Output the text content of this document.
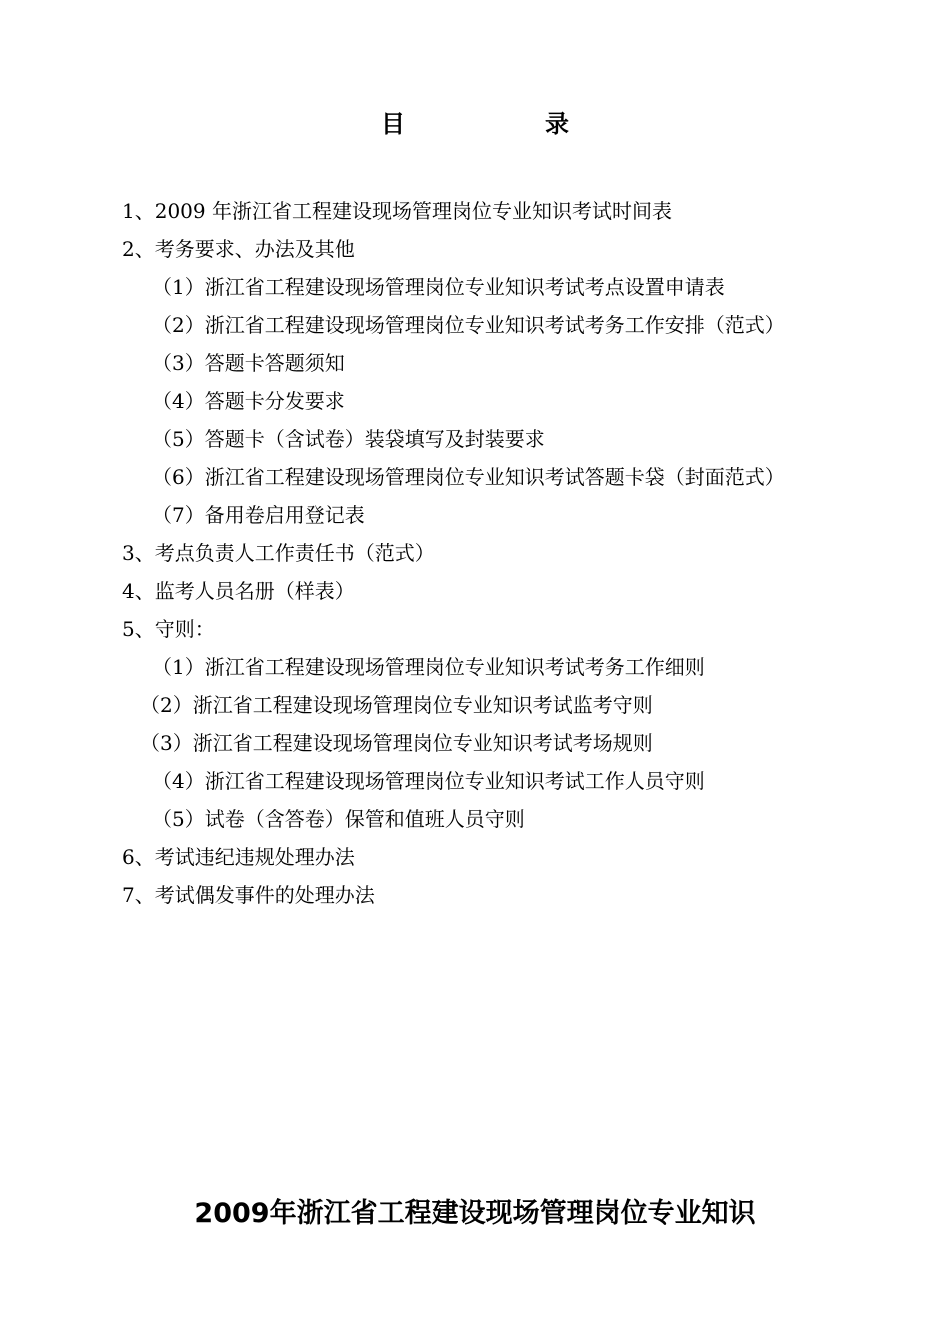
目	录
1、2009 年浙江省工程建设现场管理岗位专业知识考试时间表
2、考务要求、办法及其他
（1）浙江省工程建设现场管理岗位专业知识考试考点设置申请表
（2）浙江省工程建设现场管理岗位专业知识考试考务工作安排（范式）
（3）答题卡答题须知
（4）答题卡分发要求
（5）答题卡（含试卷）装袋填写及封装要求
（6）浙江省工程建设现场管理岗位专业知识考试答题卡袋（封面范式）
（7）备用卷启用登记表
3、考点负责人工作责任书（范式）
4、监考人员名册（样表）
5、守则：
（1）浙江省工程建设现场管理岗位专业知识考试考务工作细则
（2）浙江省工程建设现场管理岗位专业知识考试监考守则
（3）浙江省工程建设现场管理岗位专业知识考试考场规则
（4）浙江省工程建设现场管理岗位专业知识考试工作人员守则
（5）试卷（含答卷）保管和值班人员守则
6、考试违纪违规处理办法
7、考试偶发事件的处理办法
2009年浙江省工程建设现场管理岗位专业知识
